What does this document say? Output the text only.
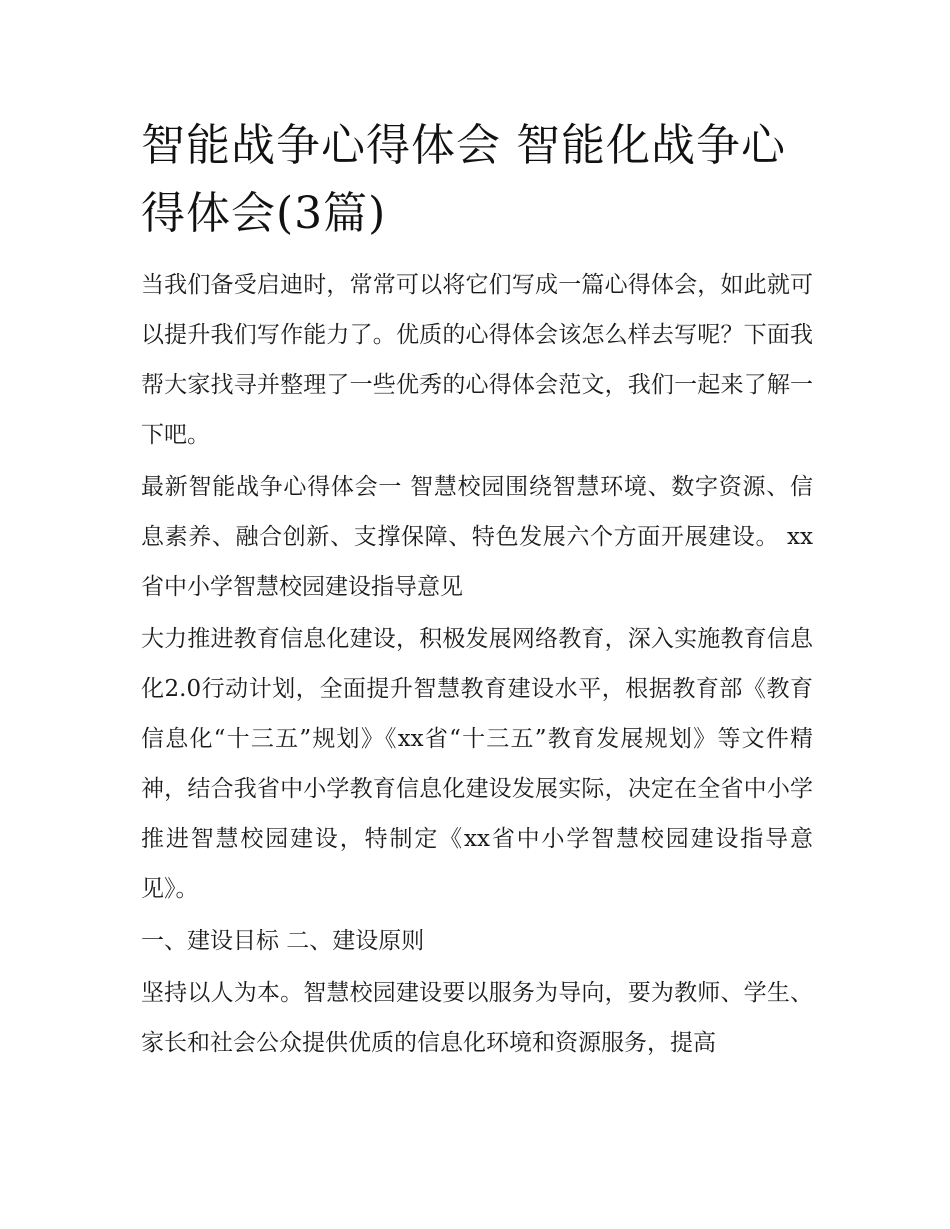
智能战争心得体会 智能化战争心得体会(3篇)

当我们备受启迪时，常常可以将它们写成一篇心得体会，如此就可以提升我们写作能力了。优质的心得体会该怎么样去写呢？下面我帮大家找寻并整理了一些优秀的心得体会范文，我们一起来了解一下吧。

最新智能战争心得体会一 智慧校园围绕智慧环境、数字资源、信息素养、融合创新、支撑保障、特色发展六个方面开展建设。 xx省中小学智慧校园建设指导意见

大力推进教育信息化建设，积极发展网络教育，深入实施教育信息化2.0行动计划，全面提升智慧教育建设水平，根据教育部《教育信息化“十三五”规划》《xx省“十三五”教育发展规划》等文件精神，结合我省中小学教育信息化建设发展实际，决定在全省中小学推进智慧校园建设，特制定《xx省中小学智慧校园建设指导意见》。

一、建设目标 二、建设原则

坚持以人为本。智慧校园建设要以服务为导向，要为教师、学生、家长和社会公众提供优质的信息化环境和资源服务，提高
